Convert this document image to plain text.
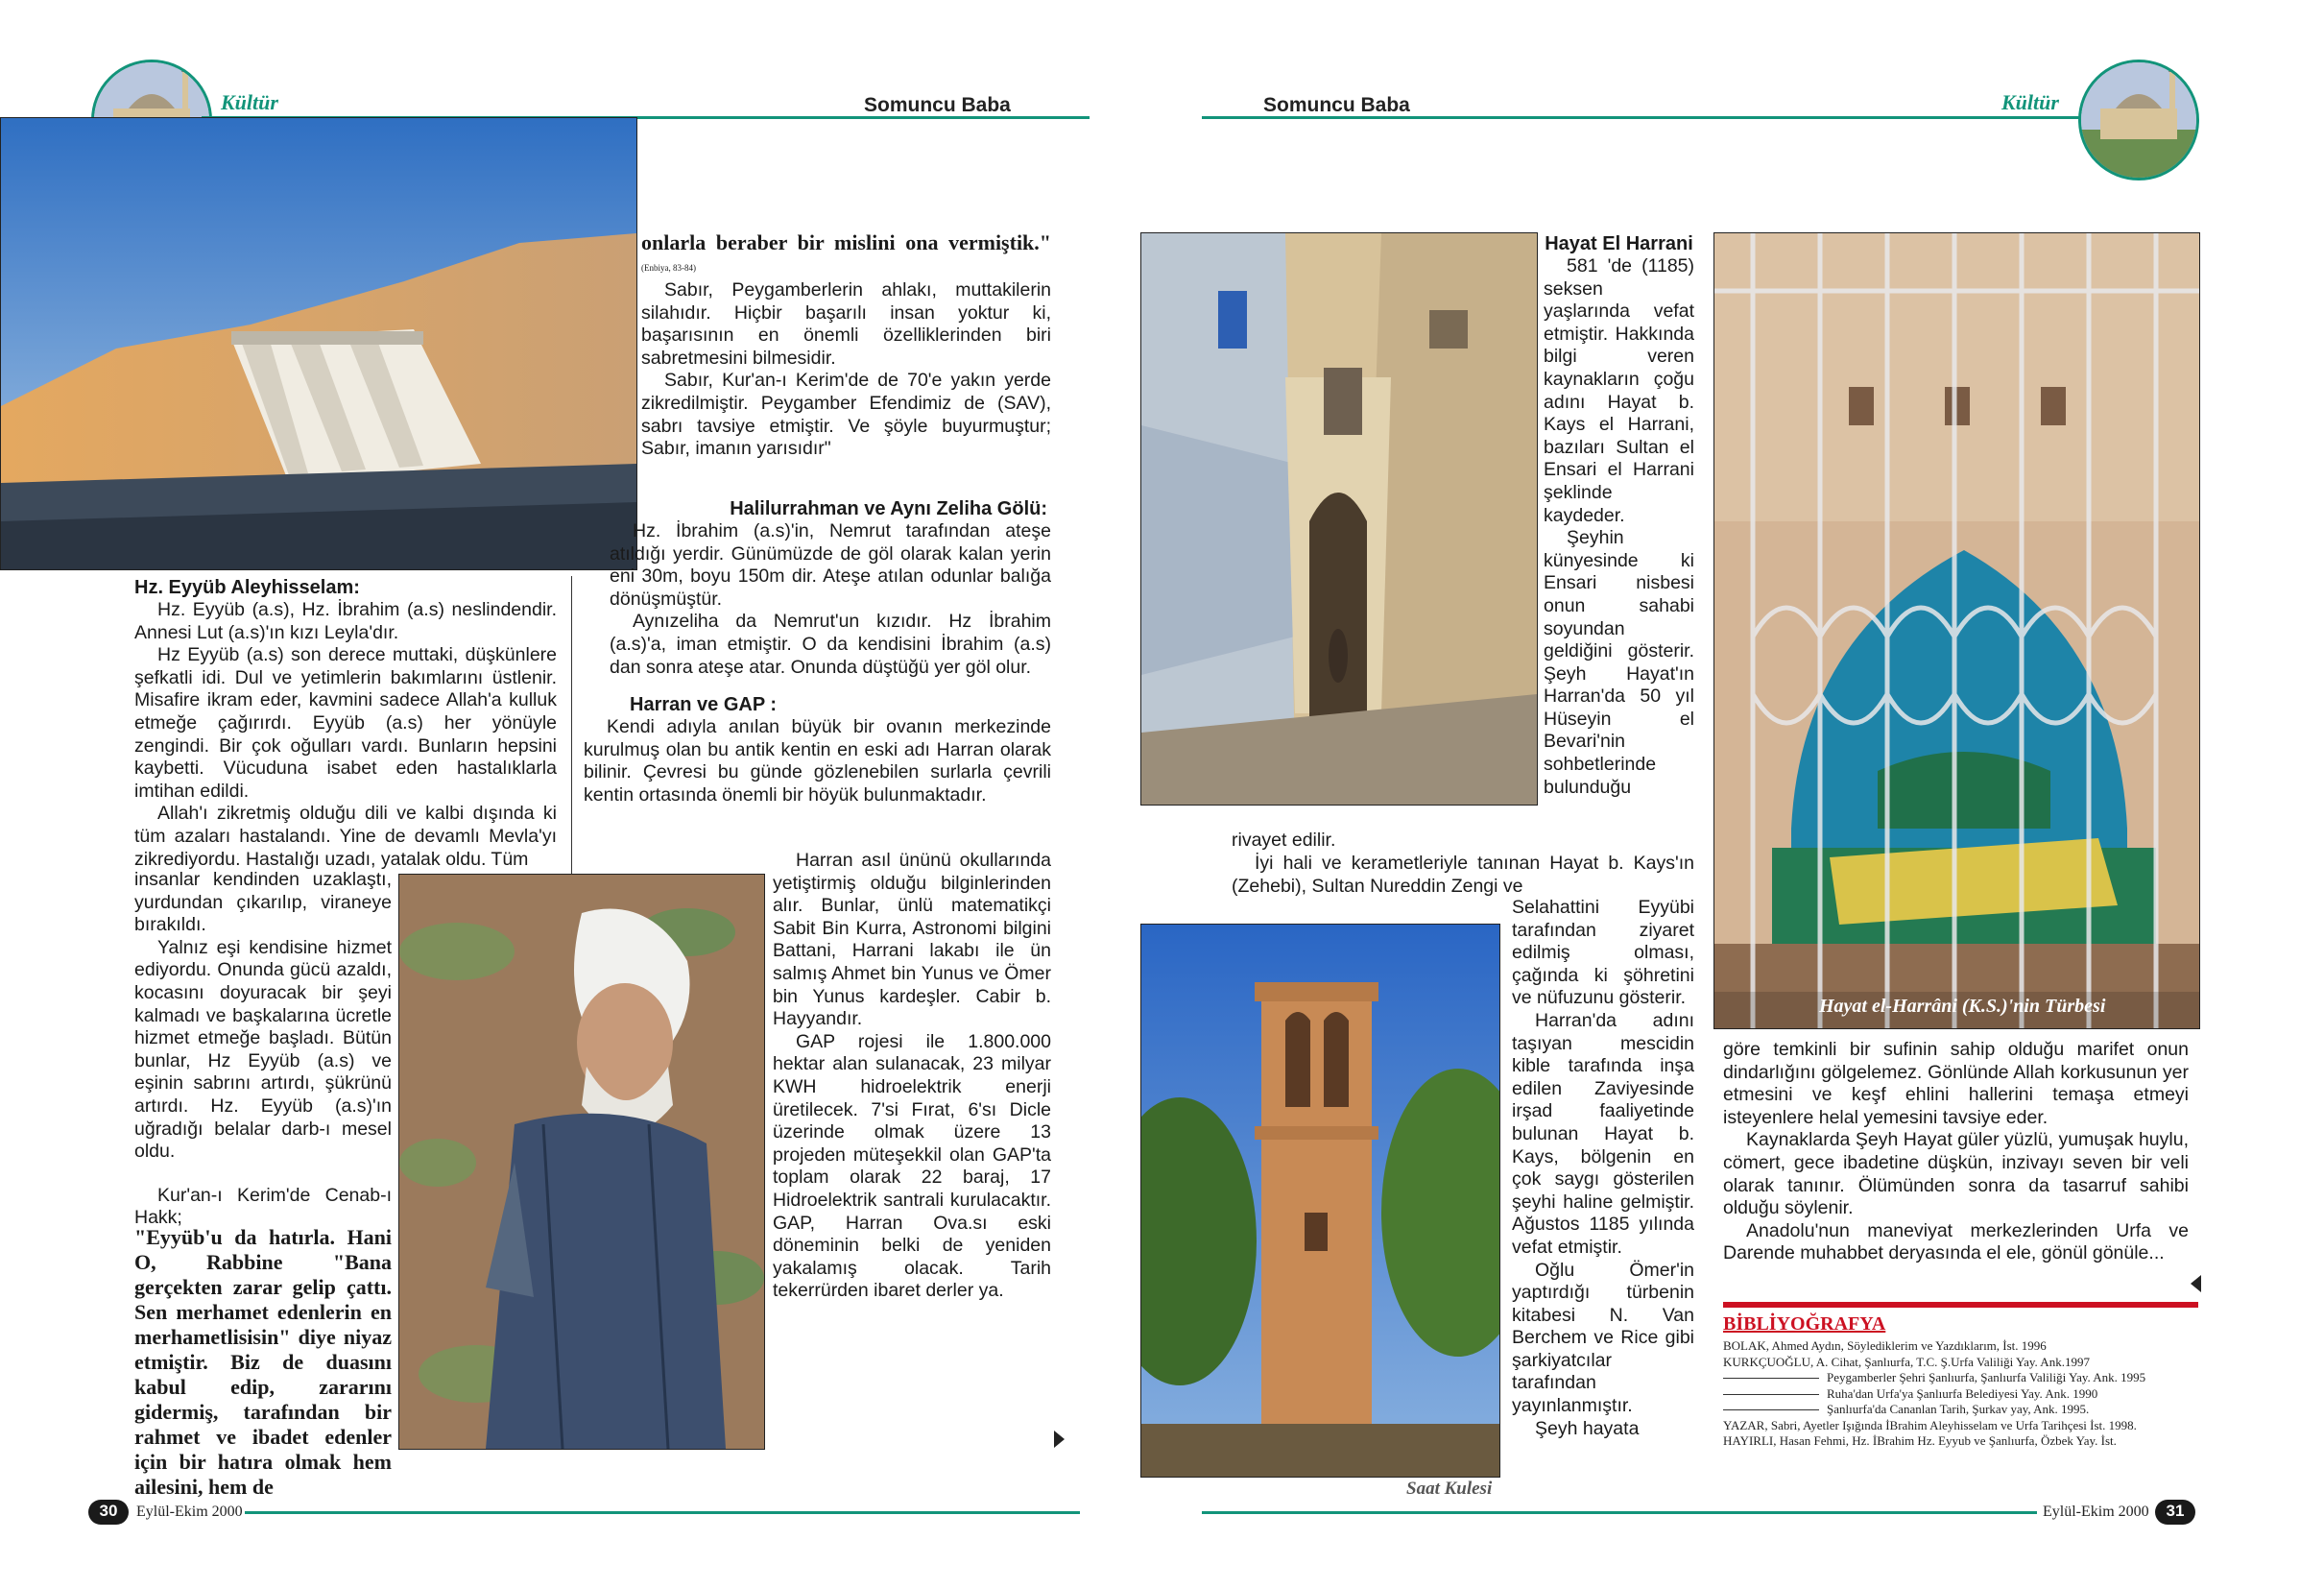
Kültür	Somuncu Baba	Somuncu Baba	Kültür
onlarla beraber bir mislini ona vermiştik."$^{(Enbiya, 83-84)}$

Sabır, Peygamberlerin ahlakı, muttakilerin silahıdır. Hiçbir başarılı insan yoktur ki, başarısının en önemli özelliklerinden biri sabretmesini bilmesidir.

Sabır, Kur'an-ı Kerim'de de 70'e yakın yerde zikredilmiştir. Peygamber Efendimiz de (SAV), sabrı tavsiye etmiştir. Ve şöyle buyurmuştur; Sabır, imanın yarısıdır"

Halilurrahman ve Aynı Zeliha Gölü:

Hz. İbrahim (a.s)'in, Nemrut tarafından ateşe atıldığı yerdir. Günümüzde de göl olarak kalan yerin eni 30m, boyu 150m dir. Ateşe atılan odunlar balığa dönüşmüştür.

Aynızeliha da Nemrut'un kızıdır. Hz İbrahim (a.s)'a, iman etmiştir. O da kendisini İbrahim (a.s) dan sonra ateşe atar. Onunda düştüğü yer göl olur.

Harran ve GAP :

Kendi adıyla anılan büyük bir ovanın merkezinde kurulmuş olan bu antik kentin en eski adı Harran olarak bilinir. Çevresi bu günde gözlenebilen surlarla çevrili kentin ortasında önemli bir höyük bulunmaktadır.

Harran asıl ününü okullarında yetiştirmiş olduğu bilginlerinden alır. Bunlar, ünlü matematikçi Sabit Bin Kurra, Astronomi bilgini Battani, Harrani lakabı ile ün salmış Ahmet bin Yunus ve Ömer bin Yunus kardeşler. Cabir b. Hayyandır.

GAP rojesi ile 1.800.000 hektar alan sulanacak, 23 milyar KWH hidroelektrik enerji üretilecek. 7'si Fırat, 6'sı Dicle üzerinde olmak üzere 13 projeden müteşekkil olan GAP'ta toplam olarak 22 baraj, 17 Hidroelektrik santrali kurulacaktır. GAP, Harran Ova.sı eski döneminin belki de yeniden yakalamış olacak. Tarih tekerrürden ibaret derler ya.

Hz. Eyyüb Aleyhisselam:

Hz. Eyyüb (a.s), Hz. İbrahim (a.s) neslindendir. Annesi Lut (a.s)'ın kızı Leyla'dır.

Hz Eyyüb (a.s) son derece muttaki, düşkünlere şefkatli idi. Dul ve yetimlerin bakımlarını üstlenir. Misafire ikram eder, kavmini sadece Allah'a kulluk etmeğe çağırırdı. Eyyüb (a.s) her yönüyle zengindi. Bir çok oğulları vardı. Bunların hepsini kaybetti. Vücuduna isabet eden hastalıklarla imtihan edildi.

Allah'ı zikretmiş olduğu dili ve kalbi dışında ki tüm azaları hastalandı. Yine de devamlı Mevla'yı zikrediyordu. Hastalığı uzadı, yatalak oldu. Tüm

insanlar kendinden uzaklaştı, yurdundan çıkarılıp, viraneye bırakıldı.

Yalnız eşi kendisine hizmet ediyordu. Onunda gücü azaldı, kocasını doyuracak bir şeyi kalmadı ve başkalarına ücretle hizmet etmeğe başladı. Bütün bunlar, Hz Eyyüb (a.s) ve eşinin sabrını artırdı, şükrünü artırdı. Hz. Eyyüb (a.s)'ın uğradığı belalar darb-ı mesel oldu.

Kur'an-ı Kerim'de Cenab-ı Hakk;

"Eyyüb'u da hatırla. Hani O, Rabbine "Bana gerçekten zarar gelip çattı. Sen merhamet edenlerin en merhametlisisin" diye niyaz etmiştir. Biz de duasını kabul edip, zararını gidermiş, tarafından bir rahmet ve ibadet edenler için bir hatıra olmak hem ailesini, hem de
30	Eylül-Ekim 2000
Hayat el-Harrâni (K.S.)'nin Türbesi
Saat Kulesi

Hayat El Harrani

581 'de (1185) seksen yaşlarında vefat etmiştir. Hakkında bilgi veren kaynakların çoğu adını Hayat b. Kays el Harrani, bazıları Sultan el Ensari el Harrani şeklinde kaydeder.

Şeyhin künyesinde ki Ensari nisbesi onun sahabi soyundan geldiğini gösterir. Şeyh Hayat'ın Harran'da 50 yıl Hüseyin el Bevari'nin sohbetlerinde bulunduğu

rivayet edilir.

İyi hali ve kerametleriyle tanınan Hayat b. Kays'ın (Zehebi), Sultan Nureddin Zengi ve

Selahattini Eyyübi tarafından ziyaret edilmiş olması, çağında ki şöhretini ve nüfuzunu gösterir.

Harran'da adını taşıyan mescidin kible tarafında inşa edilen Zaviyesinde irşad faaliyetinde bulunan Hayat b. Kays, bölgenin en çok saygı gösterilen şeyhi haline gelmiştir. Ağustos 1185 yılında vefat etmiştir.

Oğlu Ömer'in yaptırdığı türbenin kitabesi N. Van Berchem ve Rice gibi şarkiyatcılar tarafından yayınlanmıştır.

Şeyh hayata

göre temkinli bir sufinin sahip olduğu marifet onun dindarlığını gölgelemez. Gönlünde Allah korkusunun yer etmesini ve keşf ehlini hallerini temaşa etmeyi isteyenlere helal yemesini tavsiye eder.

Kaynaklarda Şeyh Hayat güler yüzlü, yumuşak huylu, cömert, gece ibadetine düşkün, inzivayı seven bir veli olarak tanınır. Ölümünden sonra da tasarruf sahibi olduğu söylenir.

Anadolu'nun maneviyat merkezlerinden Urfa ve Darende muhabbet deryasında el ele, gönül gönüle...

BİBLİYOĞRAFYA

BOLAK, Ahmed Aydın, Söylediklerim ve Yazdıklarım, İst. 1996

KURKÇUOĞLU, A. Cihat, Şanlıurfa, T.C. Ş.Urfa Valiliği Yay. Ank.1997

Peygamberler Şehri Şanlıurfa, Şanlıurfa Valiliği Yay. Ank. 1995

Ruha'dan Urfa'ya Şanlıurfa Belediyesi Yay. Ank. 1990

Şanlıurfa'da Cananlan Tarih, Şurkav yay, Ank. 1995.

YAZAR, Sabri, Ayetler Işığında İBrahim Aleyhisselam ve Urfa Tarihçesi İst. 1998.

HAYIRLI, Hasan Fehmi, Hz. İBrahim Hz. Eyyub ve Şanlıurfa, Özbek Yay. İst.

Eylül-Ekim 2000	31
